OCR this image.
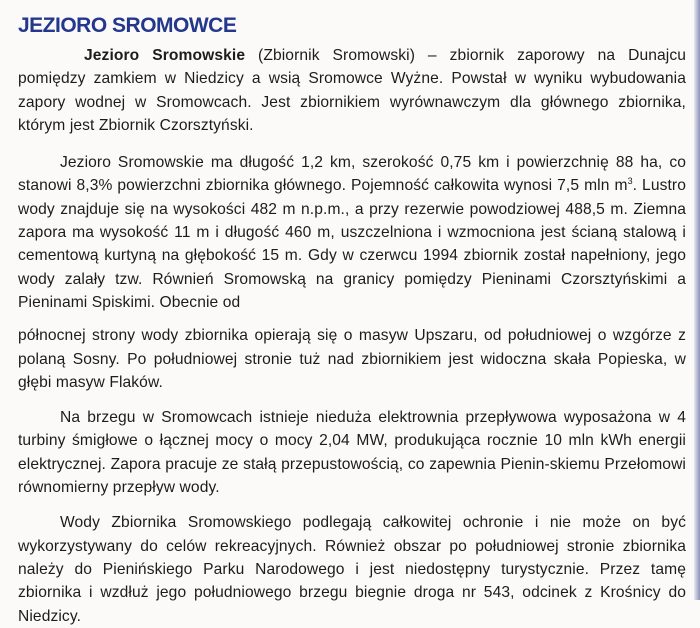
JEZIORO SROMOWCE

Jezioro Sromowskie (Zbiornik Sromowski) – zbiornik zaporowy na Dunajcu pomiędzy zamkiem w Niedzicy a wsią Sromowce Wyżne. Powstał w wyniku wybudowania zapory wodnej w Sromowcach. Jest zbiornikiem wyrównawczym dla głównego zbiornika, którym jest Zbiornik Czorsztyński.

Jezioro Sromowskie ma długość 1,2 km, szerokość 0,75 km i powierzchnię 88 ha, co stanowi 8,3% powierzchni zbiornika głównego. Pojemność całkowita wynosi 7,5 mln $m^3$. Lustro wody znajduje się na wysokości 482 m n.p.m., a przy rezerwie powodziowej 488,5 m. Ziemna zapora ma wysokość 11 m i długość 460 m, uszczelniona i wzmocniona jest ścianą stalową i cementową kurtyną na głębokość 15 m. Gdy w czerwcu 1994 zbiornik został napełniony, jego wody zalały tzw. Równień Sromowską na granicy pomiędzy Pieninami Czorsztyńskimi a Pieninami Spiskimi. Obecnie od

północnej strony wody zbiornika opierają się o masyw Upszaru, od południowej o wzgórze z polaną Sosny. Po południowej stronie tuż nad zbiornikiem jest widoczna skała Popieska, w głębi masyw Flaków.

Na brzegu w Sromowcach istnieje nieduża elektrownia przepływowa wyposażona w 4 turbiny śmigłowe o łącznej mocy o mocy 2,04 MW, produkująca rocznie 10 mln kWh energii elektrycznej. Zapora pracuje ze stałą przepustowością, co zapewnia Pienin-skiemu Przełomowi równomierny przepływ wody.

Wody Zbiornika Sromowskiego podlegają całkowitej ochronie i nie może on być wykorzystywany do celów rekreacyjnych. Również obszar po południowej stronie zbiornika należy do Pienińskiego Parku Narodowego i jest niedostępny turystycznie. Przez tamę zbiornika i wzdłuż jego południowego brzegu biegnie droga nr 543, odcinek z Krośnicy do Niedzicy.
